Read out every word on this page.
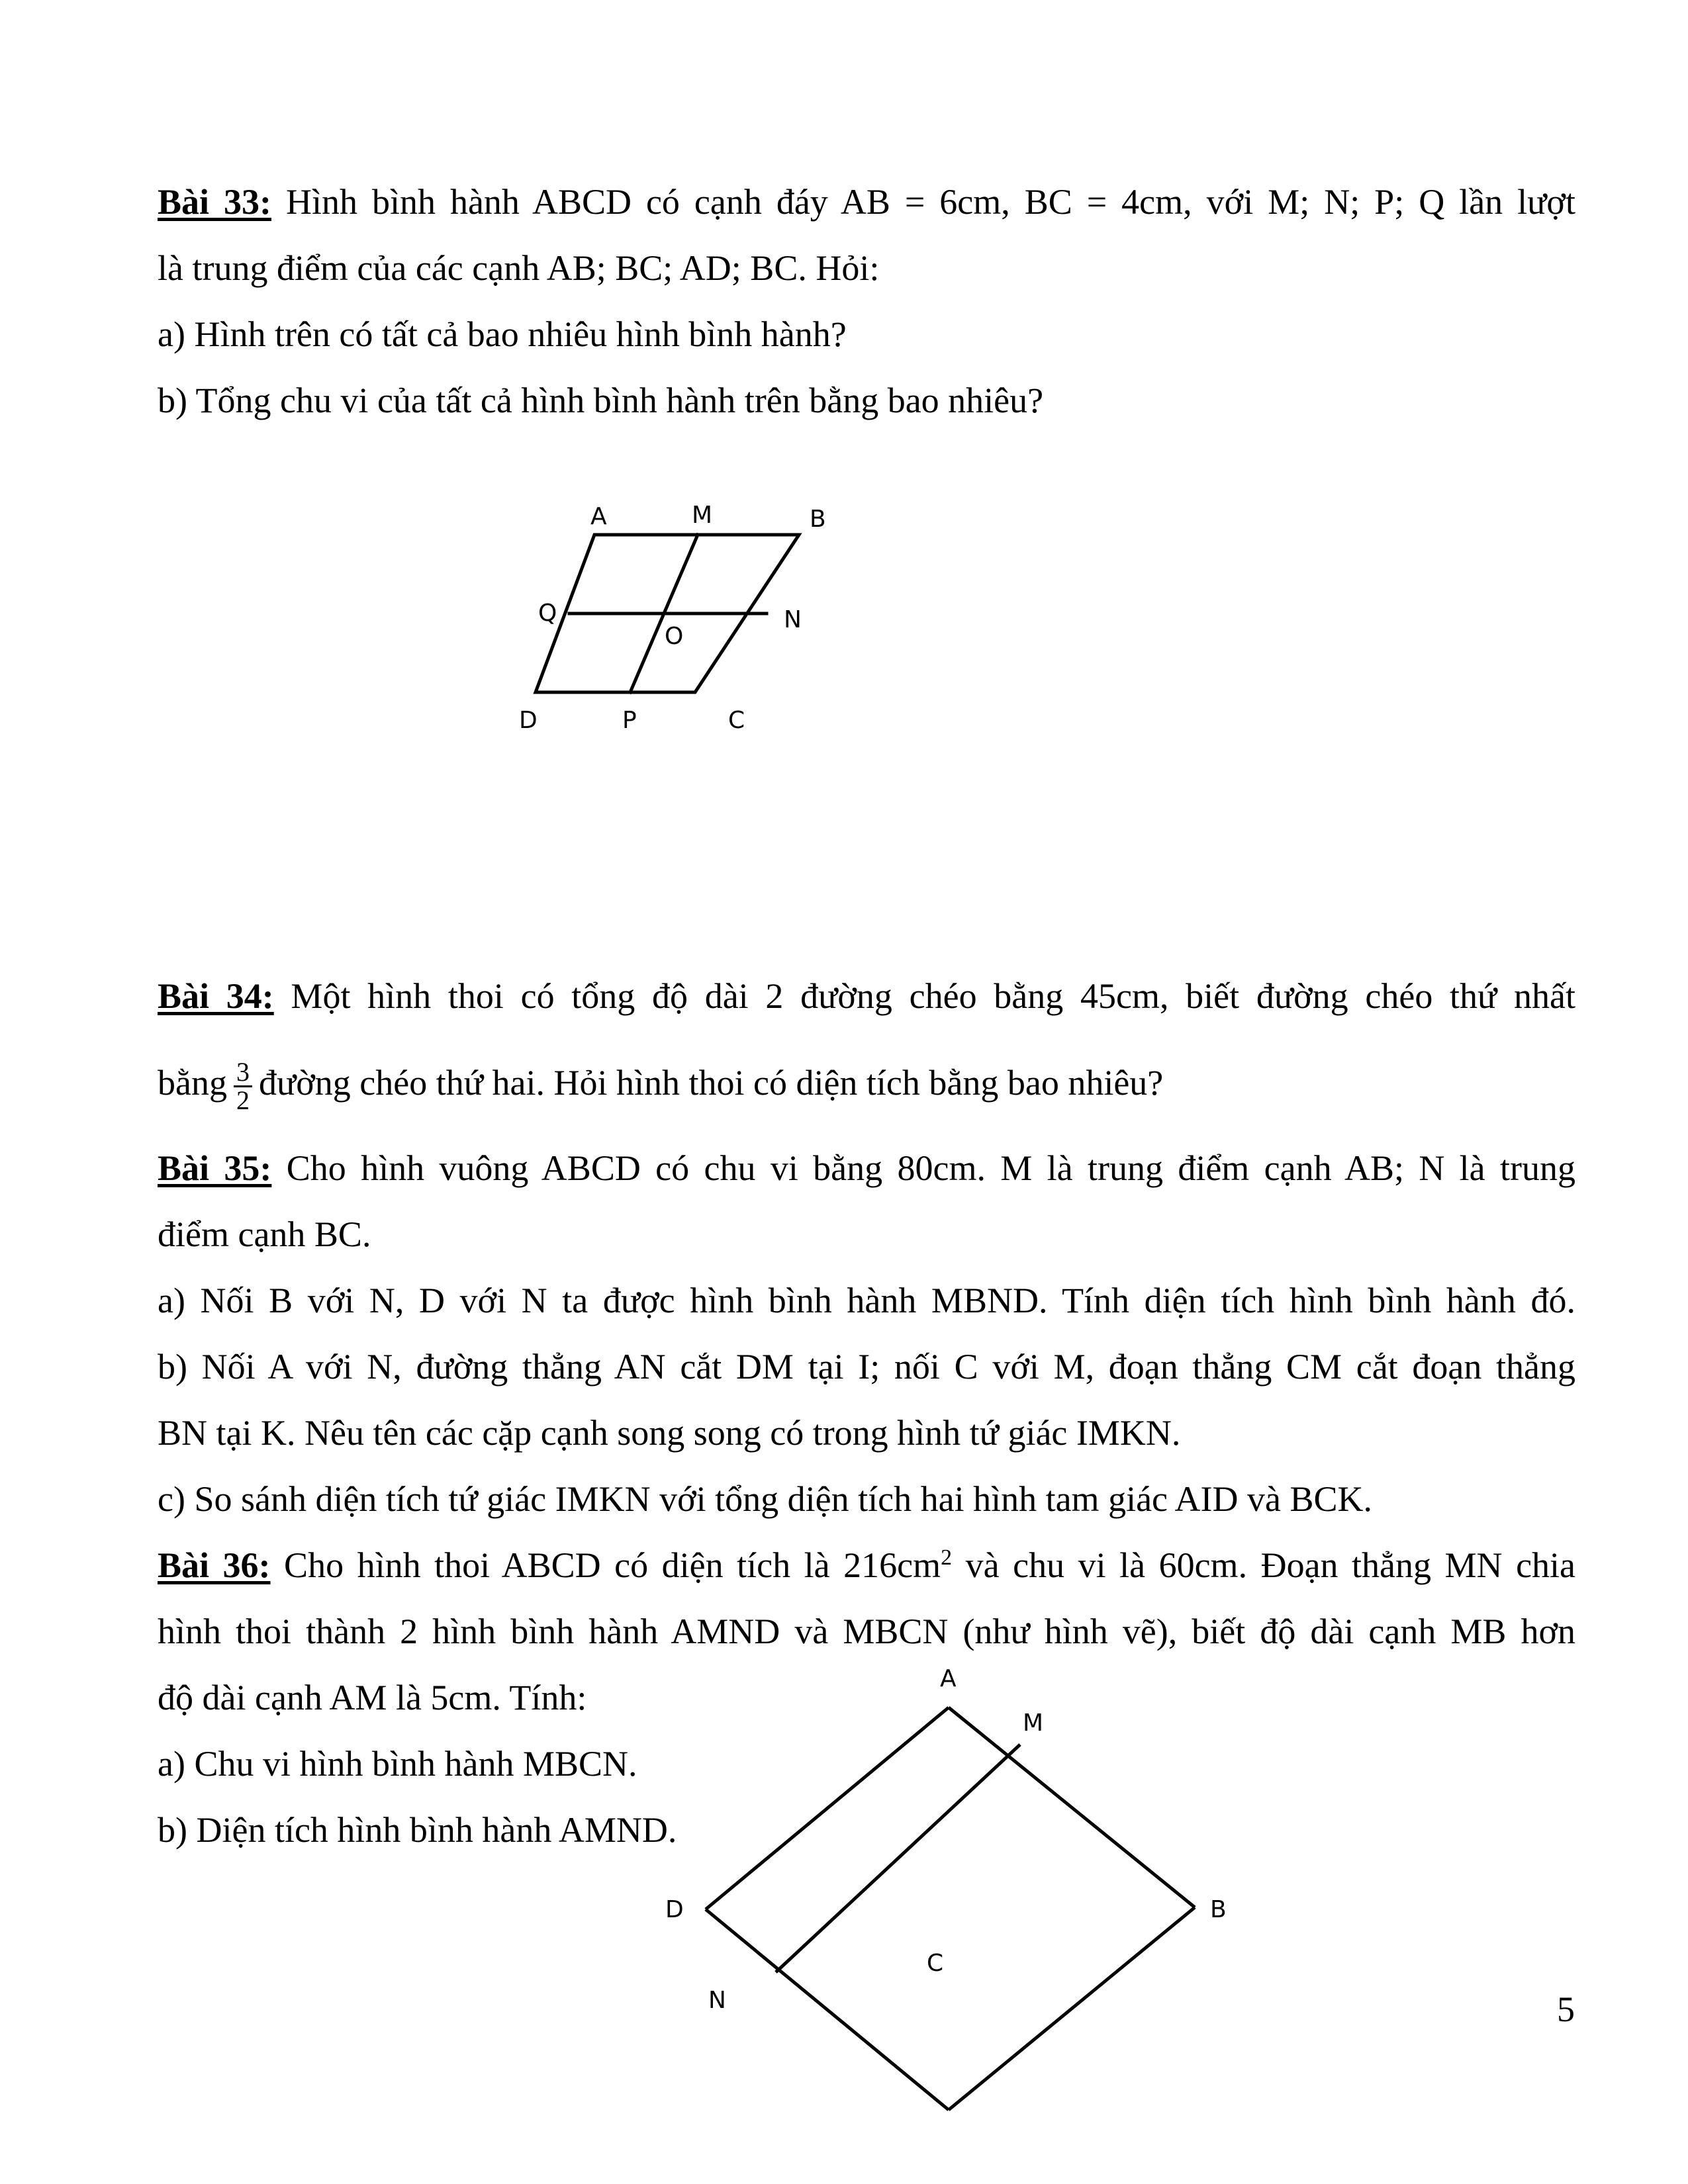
Bài 33: Hình bình hành ABCD có cạnh đáy AB = 6cm, BC = 4cm, với M; N; P; Q lần lượt
là trung điểm của các cạnh AB; BC; AD; BC. Hỏi:
a) Hình trên có tất cả bao nhiêu hình bình hành?
b) Tổng chu vi của tất cả hình bình hành trên bằng bao nhiêu?
A	M	B
Q
O
N
D	P	C
Bài 34: Một hình thoi có tổng độ dài 2 đường chéo bằng 45cm, biết đường chéo thứ nhất
bằng $\frac{3}{2}$ đường chéo thứ hai. Hỏi hình thoi có diện tích bằng bao nhiêu?
Bài 35: Cho hình vuông ABCD có chu vi bằng 80cm. M là trung điểm cạnh AB; N là trung
điểm cạnh BC.
a) Nối B với N, D với N ta được hình bình hành MBND. Tính diện tích hình bình hành đó.
b) Nối A với N, đường thẳng AN cắt DM tại I; nối C với M, đoạn thẳng CM cắt đoạn thẳng
BN tại K. Nêu tên các cặp cạnh song song có trong hình tứ giác IMKN.
c) So sánh diện tích tứ giác IMKN với tổng diện tích hai hình tam giác AID và BCK.
Bài 36: Cho hình thoi ABCD có diện tích là $216cm^2$ và chu vi là 60cm. Đoạn thẳng MN chia
hình thoi thành 2 hình bình hành AMND và MBCN (như hình vẽ), biết độ dài cạnh MB hơn
độ dài cạnh AM là 5cm. Tính:
a) Chu vi hình bình hành MBCN.
b) Diện tích hình bình hành AMND.
A
M
B
D
N
C
5
